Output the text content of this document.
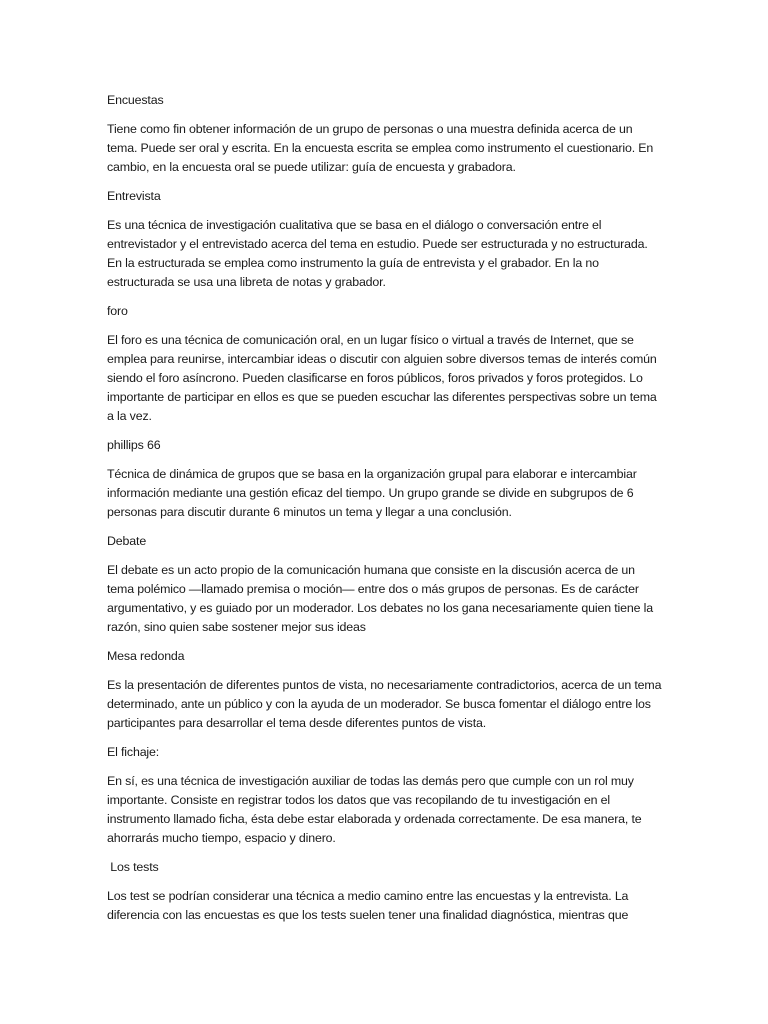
Encuestas
Tiene como fin obtener información de un grupo de personas o una muestra definida acerca de un tema. Puede ser oral y escrita. En la encuesta escrita se emplea como instrumento el cuestionario. En cambio, en la encuesta oral se puede utilizar: guía de encuesta y grabadora.
Entrevista
Es una técnica de investigación cualitativa que se basa en el diálogo o conversación entre el entrevistador y el entrevistado acerca del tema en estudio. Puede ser estructurada y no estructurada. En la estructurada se emplea como instrumento la guía de entrevista y el grabador. En la no estructurada se usa una libreta de notas y grabador.
foro
El foro es una técnica de comunicación oral, en un lugar físico o virtual a través de Internet, que se emplea para reunirse, intercambiar ideas o discutir con alguien sobre diversos temas de interés común siendo el foro asíncrono. Pueden clasificarse en foros públicos, foros privados y foros protegidos. Lo importante de participar en ellos es que se pueden escuchar las diferentes perspectivas sobre un tema a la vez.
phillips 66
Técnica de dinámica de grupos que se basa en la organización grupal para elaborar e intercambiar información mediante una gestión eficaz del tiempo. Un grupo grande se divide en subgrupos de 6 personas para discutir durante 6 minutos un tema y llegar a una conclusión.
Debate
El debate es un acto propio de la comunicación humana que consiste en la discusión acerca de un tema polémico —llamado premisa o moción— entre dos o más grupos de personas. Es de carácter argumentativo, y es guiado por un moderador. Los debates no los gana necesariamente quien tiene la razón, sino quien sabe sostener mejor sus ideas
Mesa redonda
Es la presentación de diferentes puntos de vista, no necesariamente contradictorios, acerca de un tema determinado, ante un público y con la ayuda de un moderador. Se busca fomentar el diálogo entre los participantes para desarrollar el tema desde diferentes puntos de vista.
El fichaje:
En sí, es una técnica de investigación auxiliar de todas las demás pero que cumple con un rol muy importante. Consiste en registrar todos los datos que vas recopilando de tu investigación en el instrumento llamado ficha, ésta debe estar elaborada y ordenada correctamente. De esa manera, te ahorrarás mucho tiempo, espacio y dinero.
Los tests
Los test se podrían considerar una técnica a medio camino entre las encuestas y la entrevista. La diferencia con las encuestas es que los tests suelen tener una finalidad diagnóstica, mientras que
